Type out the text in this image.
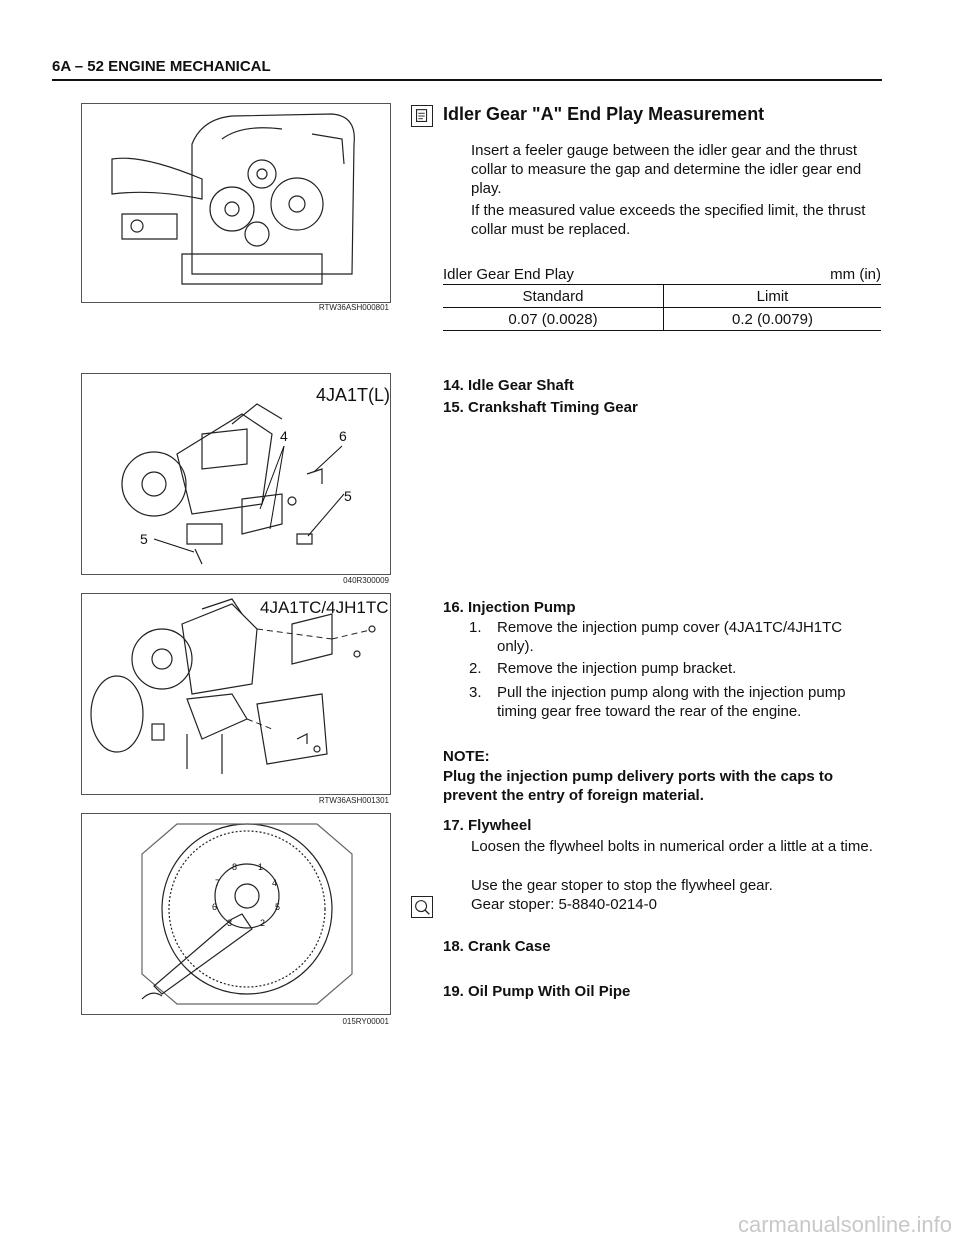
6A – 52 ENGINE MECHANICAL
RTW36ASH000801
Idler Gear "A" End Play Measurement
Insert a feeler gauge between the idler gear and the thrust collar to measure the gap and determine the idler gear end play.
If the measured value exceeds the specified limit, the thrust collar must be replaced.
Idler Gear End Play	mm (in)
Standard	Limit
0.07 (0.0028)	0.2 (0.0079)
4JA1T(L)
4	6
5
5
040R300009
14. Idle Gear Shaft
15. Crankshaft Timing Gear
4JA1TC/4JH1TC
RTW36ASH001301
16. Injection Pump
1.	Remove the injection pump cover (4JA1TC/4JH1TC only).
2.	Remove the injection pump bracket.
3.	Pull the injection pump along with the injection pump timing gear free toward the rear of the engine.
NOTE:
Plug the injection pump delivery ports with the caps to prevent the entry of foreign material.
8 1
7	4
6	5
3	2
015RY00001
17. Flywheel
Loosen the flywheel bolts in numerical order a little at a time.
Use the gear stoper to stop the flywheel gear.
Gear stoper: 5-8840-0214-0
18. Crank Case
19. Oil Pump With Oil Pipe
carmanualsonline.info
